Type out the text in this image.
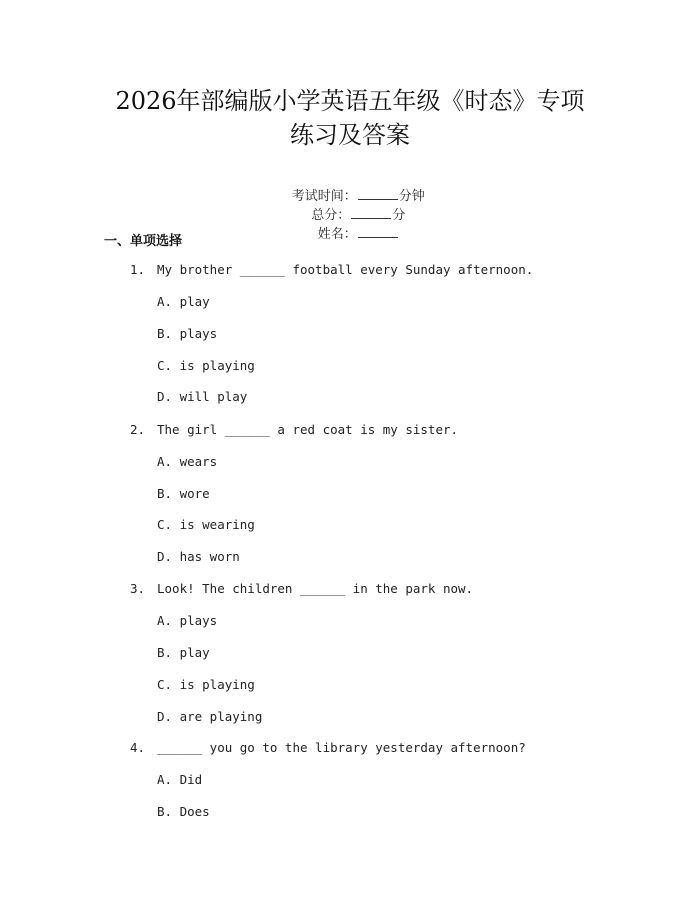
2026年部编版小学英语五年级《时态》专项
练习及答案

考试时间：	分钟
总分：	分
姓名：

一、单项选择
1. My brother ______ football every Sunday afternoon.
A. play
B. plays
C. is playing
D. will play
2. The girl ______ a red coat is my sister.
A. wears
B. wore
C. is wearing
D. has worn
3. Look! The children ______ in the park now.
A. plays
B. play
C. is playing
D. are playing
4. ______ you go to the library yesterday afternoon?
A. Did
B. Does
